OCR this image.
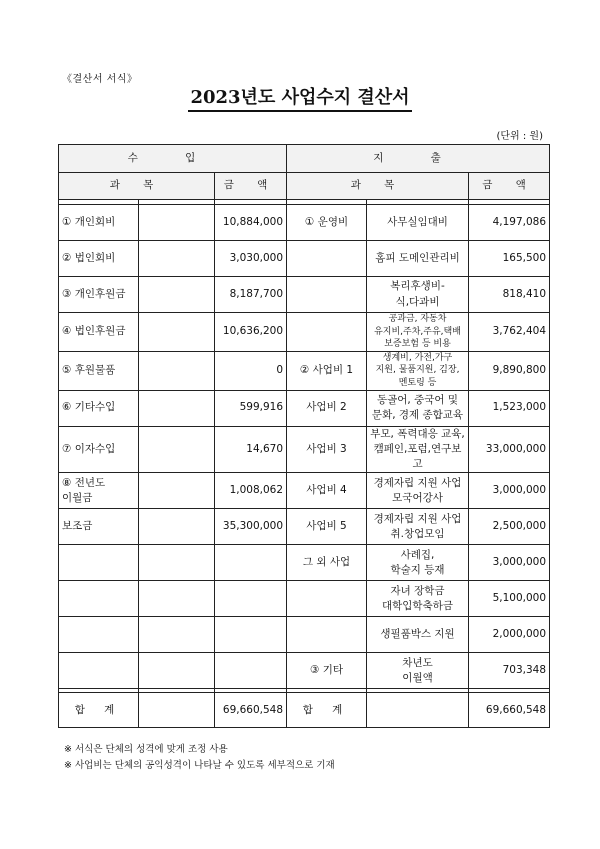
《결산서 서식》
2023년도 사업수지 결산서
(단위 : 원)
수 입			지 출		
과 목		금 액	과 목		금 액

① 개인회비		10,884,000	① 운영비	사무실임대비	4,197,086
② 법인회비		3,030,000		홈피 도메인관리비	165,500
③ 개인후원금		8,187,700		복리후생비-
식,다과비	818,410
④ 법인후원금		10,636,200		공과금, 자동차
유지비,주차,주유,택배
보증보험 등 비용	3,762,404
⑤ 후원물품		0	② 사업비 1	생계비, 가전,가구
지원, 물품지원, 김장,
멘토링 등	9,890,800
⑥ 기타수입		599,916	사업비 2	동골어, 중국어 및
문화, 경제 종합교육	1,523,000
⑦ 이자수입		14,670	사업비 3	부모, 폭력대응 교육,
캠페인,포럼,연구보고	33,000,000
⑧ 전년도
이월금		1,008,062	사업비 4	경제자립 지원 사업
모국어강사	3,000,000
보조금		35,300,000	사업비 5	경제자립 지원 사업
취.창업모임	2,500,000
			그 외 사업	사례집,
학술지 등재	3,000,000
				자녀 장학금
대학입학축하금	5,100,000
				생필품박스 지원	2,000,000
			③ 기타	차년도
이월액	703,348

합 계		69,660,548	합 계		69,660,548
※ 서식은 단체의 성격에 맞게 조정 사용
※ 사업비는 단체의 공익성격이 나타날 수 있도록 세부적으로 기재
